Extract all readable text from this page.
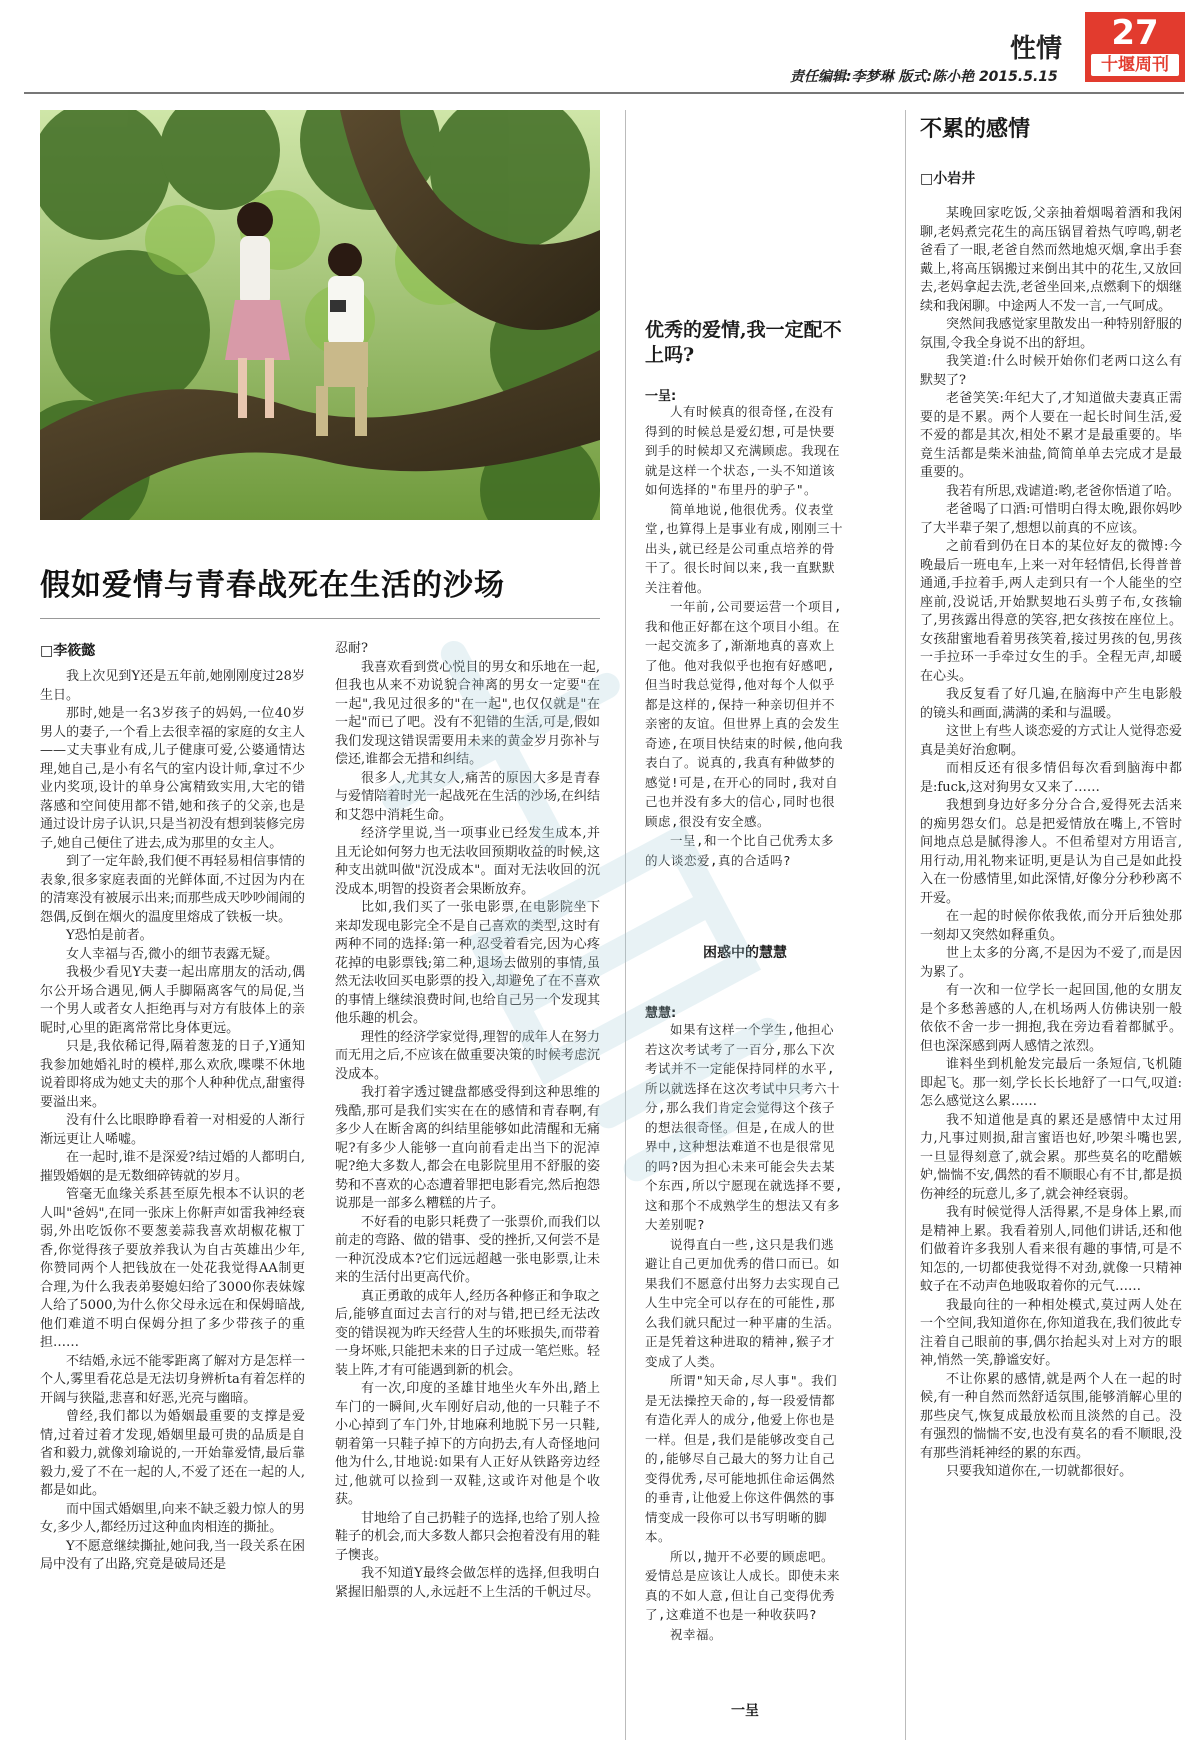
性情	27
十堰周刊
责任编辑:李梦琳 版式:陈小艳 2015.5.15
假如爱情与青春战死在生活的沙场
□李筱懿

我上次见到Y还是五年前,她刚刚度过28岁生日。

那时,她是一名3岁孩子的妈妈,一位40岁男人的妻子,一个看上去很幸福的家庭的女主人——丈夫事业有成,儿子健康可爱,公婆通情达理,她自己,是小有名气的室内设计师,拿过不少业内奖项,设计的单身公寓精致实用,大宅的错落感和空间使用都不错,她和孩子的父亲,也是通过设计房子认识,只是当初没有想到装修完房子,她自己便住了进去,成为那里的女主人。

到了一定年龄,我们便不再轻易相信事情的表象,很多家庭表面的光鲜体面,不过因为内在的清寒没有被展示出来;而那些成天吵吵闹闹的怨偶,反倒在烟火的温度里熔成了铁板一块。

Y恐怕是前者。

女人幸福与否,微小的细节表露无疑。

我极少看见Y夫妻一起出席朋友的活动,偶尔公开场合遇见,俩人手脚隔离客气的局促,当一个男人或者女人拒绝再与对方有肢体上的亲昵时,心里的距离常常比身体更远。

只是,我依稀记得,隔着葱茏的日子,Y通知我参加她婚礼时的模样,那么欢欣,喋喋不休地说着即将成为她丈夫的那个人种种优点,甜蜜得要溢出来。

没有什么比眼睁睁看着一对相爱的人渐行渐远更让人唏嘘。

在一起时,谁不是深爱?结过婚的人都明白,摧毁婚姻的是无数细碎铸就的岁月。

管毫无血缘关系甚至原先根本不认识的老人叫"爸妈",在同一张床上你鼾声如雷我神经衰弱,外出吃饭你不要葱姜蒜我喜欢胡椒花椒丁香,你觉得孩子要放养我认为自古英雄出少年,你赞同两个人把钱放在一处花我觉得AA制更合理,为什么我表弟娶媳妇给了3000你表妹嫁人给了5000,为什么你父母永远在和保姆暗战,他们难道不明白保姆分担了多少带孩子的重担……

不结婚,永远不能零距离了解对方是怎样一个人,雾里看花总是无法切身辨析ta有着怎样的开阔与狭隘,悲喜和好恶,光亮与幽暗。

曾经,我们都以为婚姻最重要的支撑是爱情,过着过着才发现,婚姻里最可贵的品质是自省和毅力,就像刘瑜说的,一开始靠爱情,最后靠毅力,爱了不在一起的人,不爱了还在一起的人,都是如此。

而中国式婚姻里,向来不缺乏毅力惊人的男女,多少人,都经历过这种血肉相连的撕扯。

Y不愿意继续撕扯,她问我,当一段关系在困局中没有了出路,究竟是破局还是

忍耐?

我喜欢看到赏心悦目的男女和乐地在一起,但我也从来不劝说貌合神离的男女一定要"在一起",我见过很多的"在一起",也仅仅就是"在一起"而已了吧。没有不犯错的生活,可是,假如我们发现这错误需要用未来的黄金岁月弥补与偿还,谁都会无措和纠结。

很多人,尤其女人,痛苦的原因大多是青春与爱情陪着时光一起战死在生活的沙场,在纠结和艾怨中消耗生命。

经济学里说,当一项事业已经发生成本,并且无论如何努力也无法收回预期收益的时候,这种支出就叫做"沉没成本"。面对无法收回的沉没成本,明智的投资者会果断放弃。

比如,我们买了一张电影票,在电影院坐下来却发现电影完全不是自己喜欢的类型,这时有两种不同的选择:第一种,忍受着看完,因为心疼花掉的电影票钱;第二种,退场去做别的事情,虽然无法收回买电影票的投入,却避免了在不喜欢的事情上继续浪费时间,也给自己另一个发现其他乐趣的机会。

理性的经济学家觉得,理智的成年人在努力而无用之后,不应该在做重要决策的时候考虑沉没成本。

我打着字透过键盘都感受得到这种思维的残酷,那可是我们实实在在的感情和青春啊,有多少人在断舍离的纠结里能够如此清醒和无痛呢?有多少人能够一直向前看走出当下的泥淖呢?绝大多数人,都会在电影院里用不舒服的姿势和不喜欢的心态遭着罪把电影看完,然后抱怨说那是一部多么糟糕的片子。

不好看的电影只耗费了一张票价,而我们以前走的弯路、做的错事、受的挫折,又何尝不是一种沉没成本?它们远远超越一张电影票,让未来的生活付出更高代价。

真正勇敢的成年人,经历各种修正和争取之后,能够直面过去言行的对与错,把已经无法改变的错误视为昨天经营人生的坏账损失,而带着一身坏账,只能把未来的日子过成一笔烂账。轻装上阵,才有可能遇到新的机会。

有一次,印度的圣雄甘地坐火车外出,踏上车门的一瞬间,火车刚好启动,他的一只鞋子不小心掉到了车门外,甘地麻利地脱下另一只鞋,朝着第一只鞋子掉下的方向扔去,有人奇怪地问他为什么,甘地说:如果有人正好从铁路旁边经过,他就可以捡到一双鞋,这或许对他是个收获。

甘地给了自己扔鞋子的选择,也给了别人捡鞋子的机会,而大多数人都只会抱着没有用的鞋子懊丧。

我不知道Y最终会做怎样的选择,但我明白紧握旧船票的人,永远赶不上生活的千帆过尽。

优秀的爱情,我一定配不上吗?
一呈:

人有时候真的很奇怪,在没有得到的时候总是爱幻想,可是快要到手的时候却又充满顾虑。我现在就是这样一个状态,一头不知道该如何选择的"布里丹的驴子"。

简单地说,他很优秀。仪表堂堂,也算得上是事业有成,刚刚三十出头,就已经是公司重点培养的骨干了。很长时间以来,我一直默默关注着他。

一年前,公司要运营一个项目,我和他正好都在这个项目小组。在一起交流多了,渐渐地真的喜欢上了他。他对我似乎也抱有好感吧,但当时我总觉得,他对每个人似乎都是这样的,保持一种亲切但并不亲密的友谊。但世界上真的会发生奇迹,在项目快结束的时候,他向我表白了。说真的,我真有种做梦的感觉!可是,在开心的同时,我对自己也并没有多大的信心,同时也很顾虑,很没有安全感。

一呈,和一个比自己优秀太多的人谈恋爱,真的合适吗?

困惑中的慧慧
慧慧:

如果有这样一个学生,他担心若这次考试考了一百分,那么下次考试并不一定能保持同样的水平,所以就选择在这次考试中只考六十分,那么我们肯定会觉得这个孩子的想法很奇怪。但是,在成人的世界中,这种想法难道不也是很常见的吗?因为担心未来可能会失去某个东西,所以宁愿现在就选择不要,这和那个不成熟学生的想法又有多大差别呢?

说得直白一些,这只是我们逃避让自己更加优秀的借口而已。如果我们不愿意付出努力去实现自己人生中完全可以存在的可能性,那么我们就只配过一种平庸的生活。正是凭着这种进取的精神,猴子才变成了人类。

所谓"知天命,尽人事"。我们是无法操控天命的,每一段爱情都有造化弄人的成分,他爱上你也是一样。但是,我们是能够改变自己的,能够尽自己最大的努力让自己变得优秀,尽可能地抓住命运偶然的垂青,让他爱上你这件偶然的事情变成一段你可以书写明晰的脚本。

所以,抛开不必要的顾虑吧。爱情总是应该让人成长。即使未来真的不如人意,但让自己变得优秀了,这难道不也是一种收获吗?

祝幸福。

一呈
不累的感情
□小岩井

某晚回家吃饭,父亲抽着烟喝着酒和我闲聊,老妈煮完花生的高压锅冒着热气哼鸣,朝老爸看了一眼,老爸自然而然地熄灭烟,拿出手套戴上,将高压锅搬过来倒出其中的花生,又放回去,老妈拿起去洗,老爸坐回来,点燃剩下的烟继续和我闲聊。中途两人不发一言,一气呵成。

突然间我感觉家里散发出一种特别舒服的氛围,令我全身说不出的舒坦。

我笑道:什么时候开始你们老两口这么有默契了?

老爸笑笑:年纪大了,才知道做夫妻真正需要的是不累。两个人要在一起长时间生活,爱不爱的都是其次,相处不累才是最重要的。毕竟生活都是柴米油盐,简简单单去完成才是最重要的。

我若有所思,戏谑道:哟,老爸你悟道了哈。

老爸喝了口酒:可惜明白得太晚,跟你妈吵了大半辈子架了,想想以前真的不应该。

之前看到仍在日本的某位好友的微博:今晚最后一班电车,上来一对年轻情侣,长得普普通通,手拉着手,两人走到只有一个人能坐的空座前,没说话,开始默契地石头剪子布,女孩输了,男孩露出得意的笑容,把女孩按在座位上。女孩甜蜜地看着男孩笑着,接过男孩的包,男孩一手拉环一手牵过女生的手。全程无声,却暖在心头。

我反复看了好几遍,在脑海中产生电影般的镜头和画面,满满的柔和与温暖。

这世上有些人谈恋爱的方式让人觉得恋爱真是美好治愈啊。

而相反还有很多情侣每次看到脑海中都是:fuck,这对狗男女又来了……

我想到身边好多分分合合,爱得死去活来的痴男怨女们。总是把爱情放在嘴上,不管时间地点总是腻得渗人。不但希望对方用语言,用行动,用礼物来证明,更是认为自己是如此投入在一份感情里,如此深情,好像分分秒秒离不开爱。

在一起的时候你侬我侬,而分开后独处那一刻却又突然如释重负。

世上太多的分离,不是因为不爱了,而是因为累了。

有一次和一位学长一起回国,他的女朋友是个多愁善感的人,在机场两人仿佛诀别一般依依不舍一步一拥抱,我在旁边看着都腻乎。但也深深感到两人感情之浓烈。

谁料坐到机舱发完最后一条短信,飞机随即起飞。那一刻,学长长长地舒了一口气,叹道:怎么感觉这么累……

我不知道他是真的累还是感情中太过用力,凡事过则损,甜言蜜语也好,吵架斗嘴也罢,一旦显得刻意了,就会累。那些莫名的吃醋嫉妒,惴惴不安,偶然的看不顺眼心有不甘,都是损伤神经的玩意儿,多了,就会神经衰弱。

我有时候觉得人活得累,不是身体上累,而是精神上累。我看着别人,同他们讲话,还和他们做着许多我别人看来很有趣的事情,可是不知怎的,一切都使我觉得不对劲,就像一只精神蚊子在不动声色地吸取着你的元气……

我最向往的一种相处模式,莫过两人处在一个空间,我知道你在,你知道我在,我们彼此专注着自己眼前的事,偶尔抬起头对上对方的眼神,悄然一笑,静谧安好。

不让你累的感情,就是两个人在一起的时候,有一种自然而然舒适氛围,能够消解心里的那些戾气,恢复成最放松而且淡然的自己。没有强烈的惴惴不安,也没有莫名的看不顺眼,没有那些消耗神经的累的东西。

只要我知道你在,一切就都很好。
